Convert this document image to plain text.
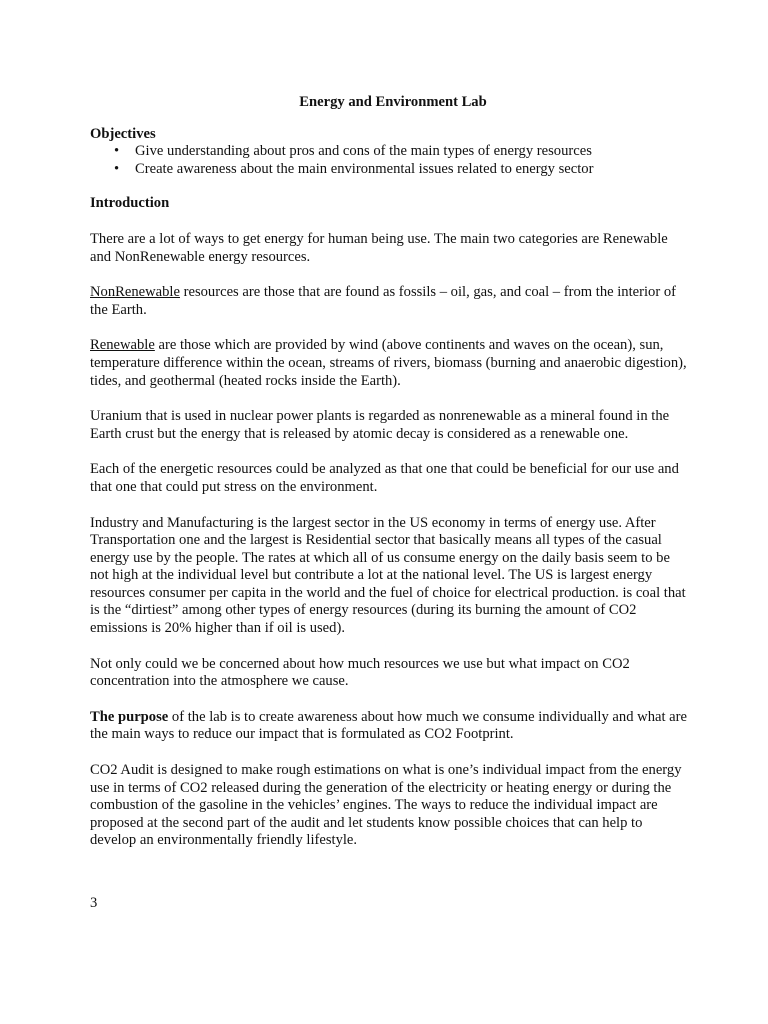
Energy and Environment Lab
Objectives
• Give understanding about pros and cons of the main types of energy resources
• Create awareness about the main environmental issues related to energy sector
Introduction

There are a lot of ways to get energy for human being use. The main two categories are Renewable and NonRenewable energy resources.

NonRenewable resources are those that are found as fossils – oil, gas, and coal – from the interior of the Earth.

Renewable are those which are provided by wind (above continents and waves on the ocean), sun, temperature difference within the ocean, streams of rivers, biomass (burning and anaerobic digestion), tides, and geothermal (heated rocks inside the Earth).

Uranium that is used in nuclear power plants is regarded as nonrenewable as a mineral found in the Earth crust but the energy that is released by atomic decay is considered as a renewable one.

Each of the energetic resources could be analyzed as that one that could be beneficial for our use and that one that could put stress on the environment.

Industry and Manufacturing is the largest sector in the US economy in terms of energy use. After Transportation one and the largest is Residential sector that basically means all types of the casual energy use by the people. The rates at which all of us consume energy on the daily basis seem to be not high at the individual level but contribute a lot at the national level. The US is largest energy resources consumer per capita in the world and the fuel of choice for electrical production. is coal that is the “dirtiest” among other types of energy resources (during its burning the amount of CO2 emissions is 20% higher than if oil is used).

Not only could we be concerned about how much resources we use but what impact on CO2 concentration into the atmosphere we cause.

The purpose of the lab is to create awareness about how much we consume individually and what are the main ways to reduce our impact that is formulated as CO2 Footprint.

CO2 Audit is designed to make rough estimations on what is one’s individual impact from the energy use in terms of CO2 released during the generation of the electricity or heating energy or during the combustion of the gasoline in the vehicles’ engines. The ways to reduce the individual impact are proposed at the second part of the audit and let students know possible choices that can help to develop an environmentally friendly lifestyle.

3
